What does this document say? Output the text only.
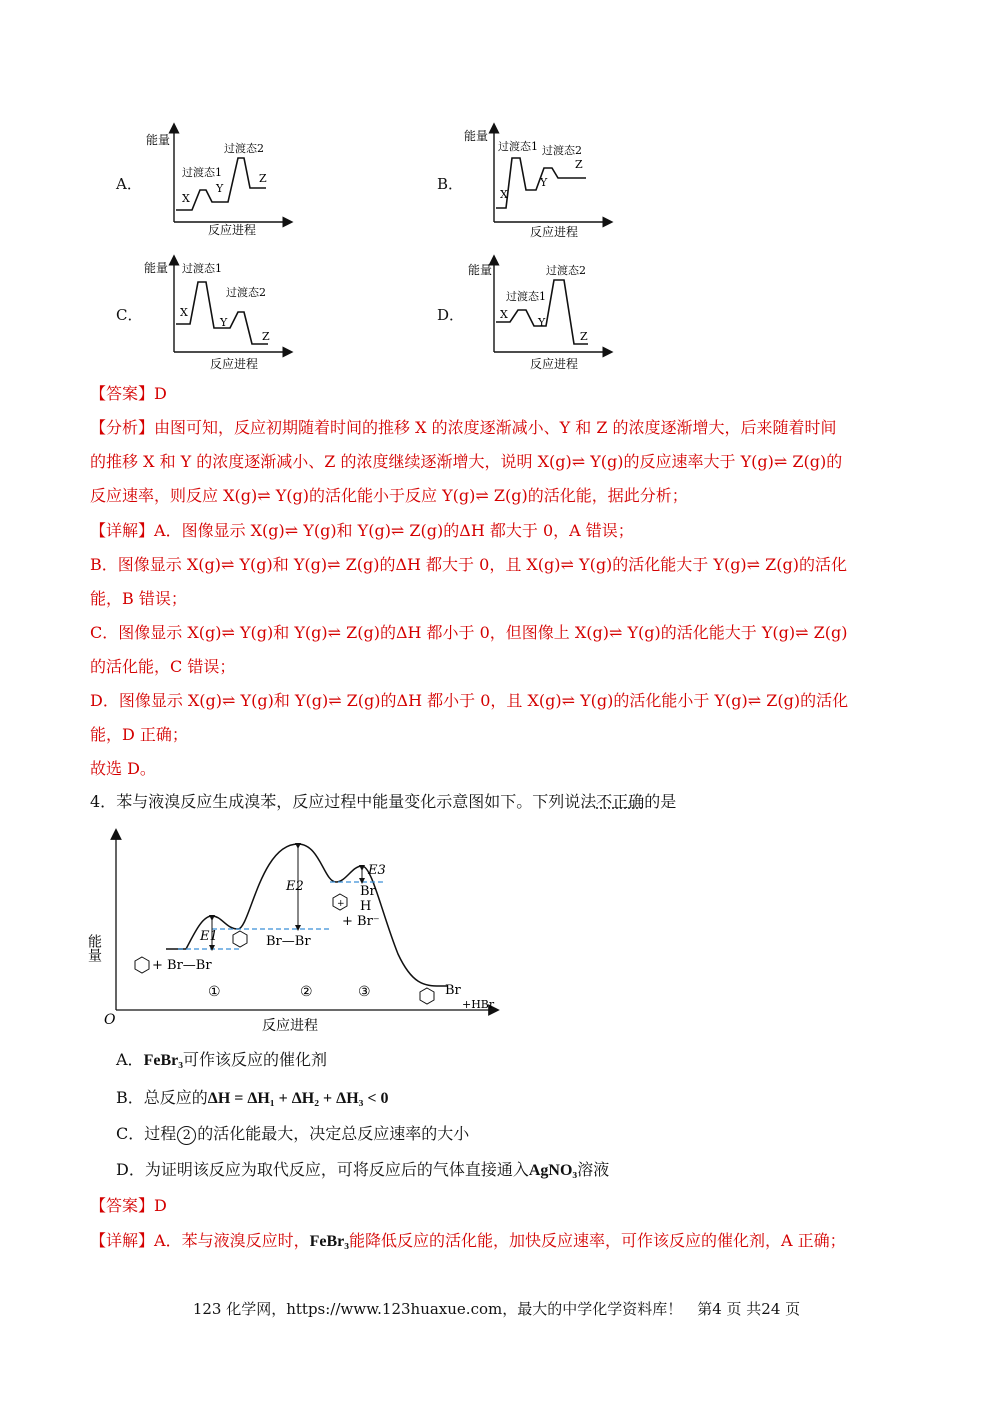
A．	B．
C．	D．
能量
反应进程
X
Y
Z
过渡态1
过渡态2
能量
反应进程
X
Y
Z
过渡态1 过渡态2
能量
反应进程
X
Y
Z
过渡态1
过渡态2
能量
反应进程
X
Y
Z
过渡态1
过渡态2
【答案】D
【分析】由图可知，反应初期随着时间的推移 X 的浓度逐渐减小、Y 和 Z 的浓度逐渐增大，后来随着时间
的推移 X 和 Y 的浓度逐渐减小、Z 的浓度继续逐渐增大，说明 X(g)⇌ Y(g)的反应速率大于 Y(g)⇌ Z(g)的
反应速率，则反应 X(g)⇌ Y(g)的活化能小于反应 Y(g)⇌ Z(g)的活化能，据此分析；
【详解】A．图像显示 X(g)⇌ Y(g)和 Y(g)⇌ Z(g)的ΔH 都大于 0，A 错误；
B．图像显示 X(g)⇌ Y(g)和 Y(g)⇌ Z(g)的ΔH 都大于 0，且 X(g)⇌ Y(g)的活化能大于 Y(g)⇌ Z(g)的活化
能，B 错误；
C．图像显示 X(g)⇌ Y(g)和 Y(g)⇌ Z(g)的ΔH 都小于 0，但图像上 X(g)⇌ Y(g)的活化能大于 Y(g)⇌ Z(g)
的活化能，C 错误；
D．图像显示 X(g)⇌ Y(g)和 Y(g)⇌ Z(g)的ΔH 都小于 0，且 X(g)⇌ Y(g)的活化能小于 Y(g)⇌ Z(g)的活化
能，D 正确；
故选 D。
4．苯与液溴反应生成溴苯，反应过程中能量变化示意图如下。下列说法不正确的是
能量
反应进程
O
E1
E2
E3
+ Br—Br
Br—Br
+
Br
H
+ Br⁻
Br
+HBr
①	②	③
A．FeBr₃可作该反应的催化剂
B．总反应的ΔH = ΔH₁ + ΔH₂ + ΔH₃ < 0
C．过程 2 的活化能最大，决定总反应速率的大小
D．为证明该反应为取代反应，可将反应后的气体直接通入AgNO₃溶液
【答案】D
【详解】A．苯与液溴反应时，FeBr₃能降低反应的活化能，加快反应速率，可作该反应的催化剂，A 正确；
123 化学网，https://www.123huaxue.com，最大的中学化学资料库！　第4 页 共24 页
